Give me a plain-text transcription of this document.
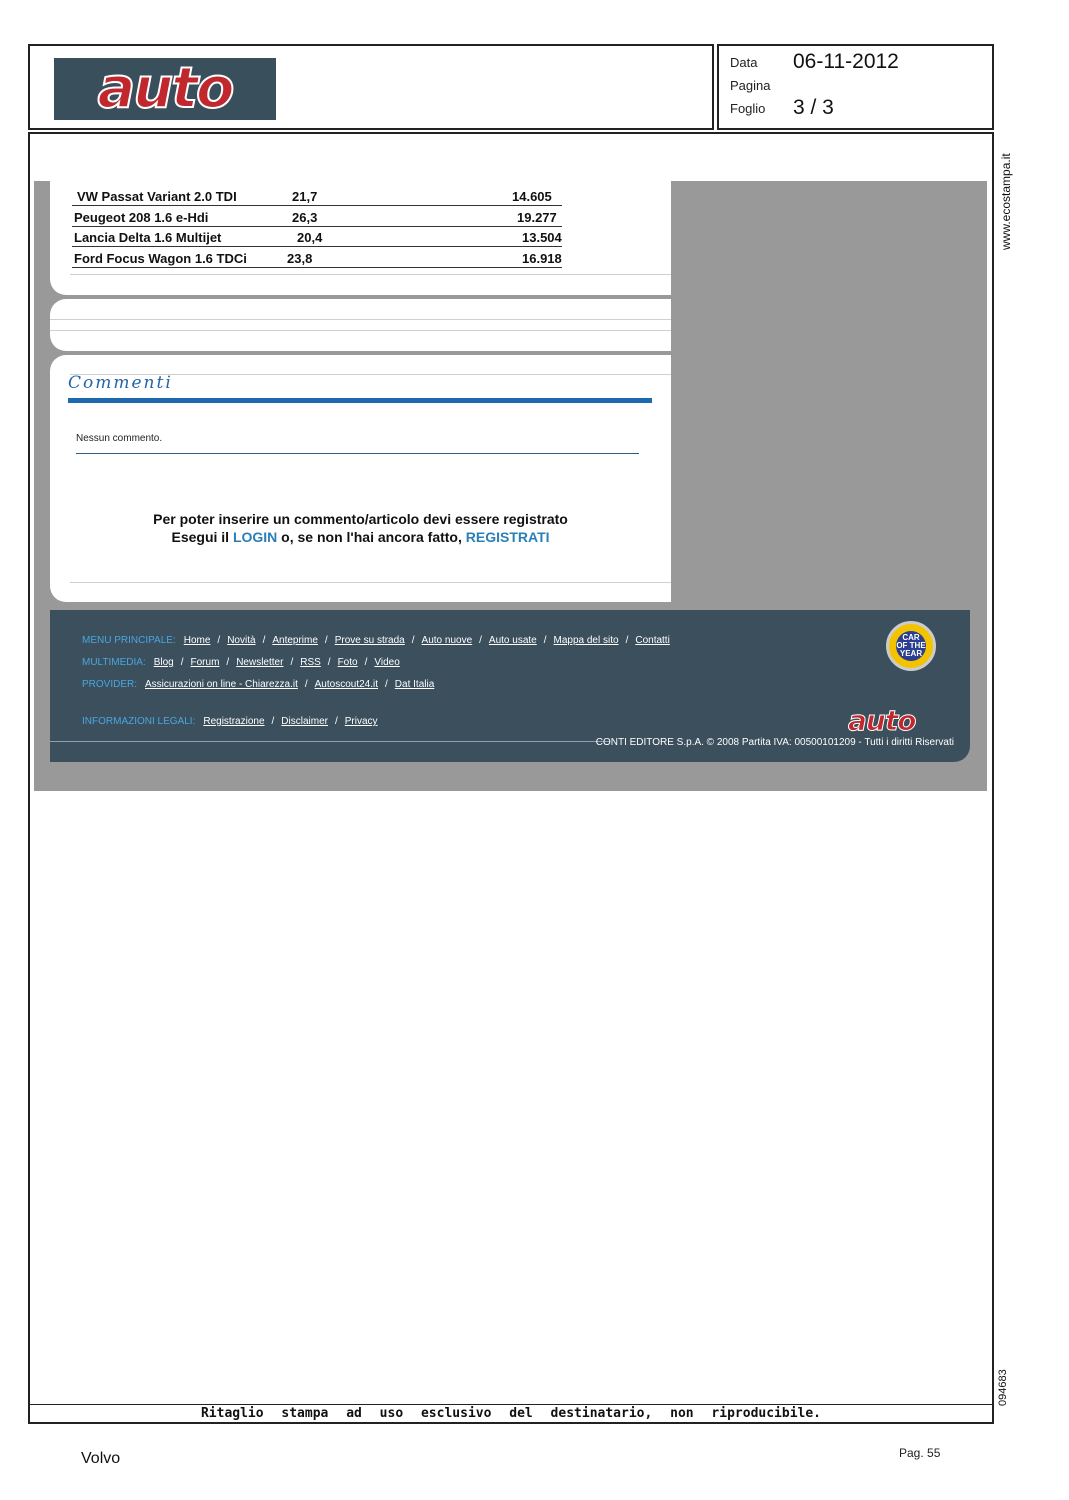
auto	Data 06-11-2012
Pagina
Foglio 3 / 3
www.ecostampa.it
094683
VW Passat Variant 2.0 TDI	21,7	14.605
Peugeot 208 1.6 e-Hdi	26,3	19.277
Lancia Delta 1.6 Multijet	20,4	13.504
Ford Focus Wagon 1.6 TDCi	23,8	16.918
Commenti
Nessun commento.
Per poter inserire un commento/articolo devi essere registrato
Esegui il LOGIN o, se non l'hai ancora fatto, REGISTRATI
MENU PRINCIPALE: Home / Novità / Anteprime / Prove su strada / Auto nuove / Auto usate / Mappa del sito / Contatti
MULTIMEDIA: Blog / Forum / Newsletter / RSS / Foto / Video
PROVIDER: Assicurazioni on line - Chiarezza.it / Autoscout24.it / Dat Italia
INFORMAZIONI LEGALI: Registrazione / Disclaimer / Privacy
CAR OF THE YEAR
auto
CONTI EDITORE S.p.A. © 2008 Partita IVA: 00500101209 - Tutti i diritti Riservati
Ritaglio stampa ad uso esclusivo del destinatario, non riproducibile.
Volvo	Pag. 55
